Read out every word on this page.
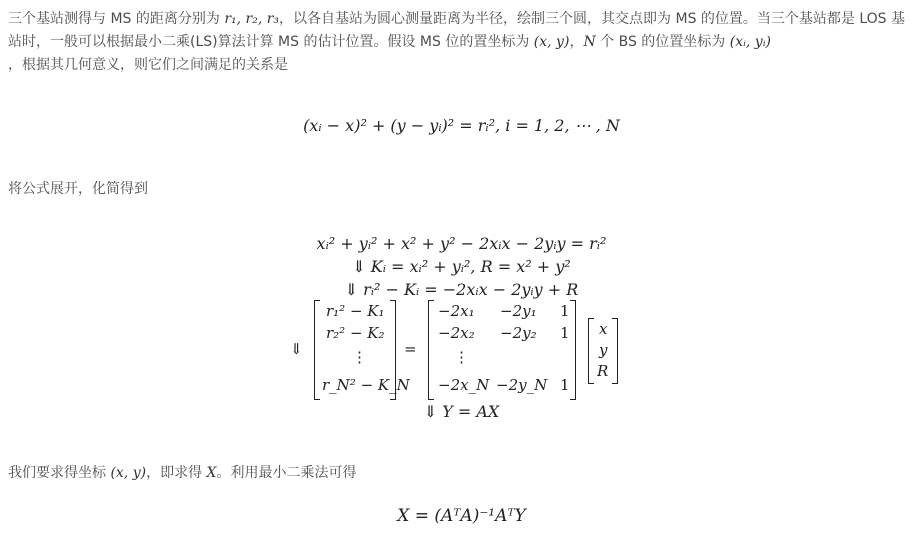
三个基站测得与 MS 的距离分别为 r₁, r₂, r₃，以各自基站为圆心测量距离为半径，绘制三个圆，其交点即为 MS 的位置。当三个基站都是 LOS 基站时，一般可以根据最小二乘(LS)算法计算 MS 的估计位置。假设 MS 位的置坐标为 (x, y)，N 个 BS 的位置坐标为 (xᵢ, yᵢ)
，根据其几何意义，则它们之间满足的关系是

(xᵢ − x)² + (y − yᵢ)² = rᵢ², i = 1, 2, ⋯ , N

将公式展开，化简得到

xᵢ² + yᵢ² + x² + y² − 2xᵢx − 2yᵢy = rᵢ²
⇓ Kᵢ = xᵢ² + yᵢ², R = x² + y²
⇓ rᵢ² − Kᵢ = −2xᵢx − 2yᵢy + R
⇓
r₁² − K₁
r₂² − K₂
⋮
r_N² − K_N
=
−2x₁ −2y₁ 1
−2x₂ −2y₂ 1
⋮
−2x_N −2y_N 1
x
y
R
⇓ Y = AX

我们要求得坐标 (x, y)，即求得 X。利用最小二乘法可得

X = (AᵀA)⁻¹AᵀY
